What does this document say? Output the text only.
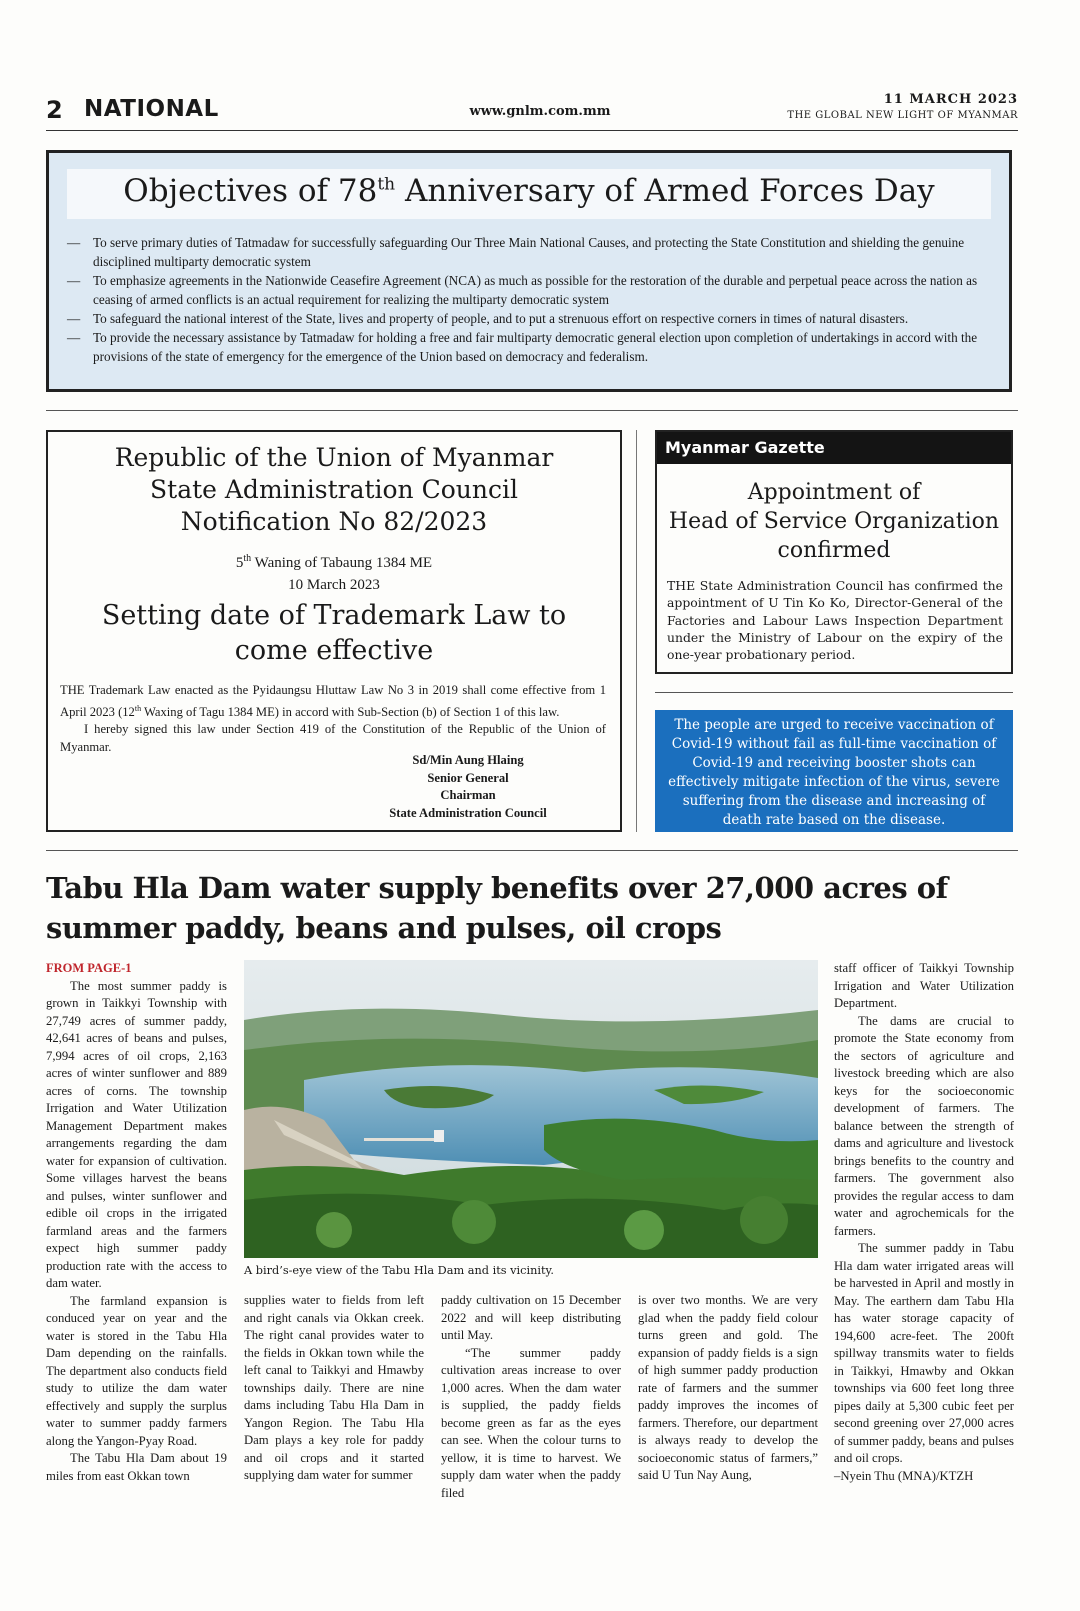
2 NATIONAL	www.gnlm.com.mm
11 MARCH 2023
THE GLOBAL NEW LIGHT OF MYANMAR
Objectives of 78th Anniversary of Armed Forces Day
— To serve primary duties of Tatmadaw for successfully safeguarding Our Three Main National Causes, and protecting the State Constitution and shielding the genuine disciplined multiparty democratic system
— To emphasize agreements in the Nationwide Ceasefire Agreement (NCA) as much as possible for the restoration of the durable and perpetual peace across the nation as ceasing of armed conflicts is an actual requirement for realizing the multiparty democratic system
— To safeguard the national interest of the State, lives and property of people, and to put a strenuous effort on respective corners in times of natural disasters.
— To provide the necessary assistance by Tatmadaw for holding a free and fair multiparty democratic general election upon completion of undertakings in accord with the provisions of the state of emergency for the emergence of the Union based on democracy and federalism.
Republic of the Union of Myanmar
State Administration Council
Notification No 82/2023
5th Waning of Tabaung 1384 ME
10 March 2023
Setting date of Trademark Law to
come effective
THE Trademark Law enacted as the Pyidaungsu Hluttaw Law No 3 in 2019 shall come effective from 1 April 2023 (12th Waxing of Tagu 1384 ME) in accord with Sub-Section (b) of Section 1 of this law.
I hereby signed this law under Section 419 of the Constitution of the Republic of the Union of Myanmar.
Sd/Min Aung Hlaing
Senior General
Chairman
State Administration Council
Myanmar Gazette
Appointment of
Head of Service Organization
confirmed
THE State Administration Council has confirmed the appointment of U Tin Ko Ko, Director-General of the Factories and Labour Laws Inspection Department under the Ministry of Labour on the expiry of the one-year probationary period.
The people are urged to receive vaccination of Covid-19 without fail as full-time vaccination of Covid-19 and receiving booster shots can effectively mitigate infection of the virus, severe suffering from the disease and increasing of death rate based on the disease.
Tabu Hla Dam water supply benefits over 27,000 acres of summer paddy, beans and pulses, oil crops
FROM PAGE-1

The most summer paddy is grown in Taikkyi Township with 27,749 acres of summer paddy, 42,641 acres of beans and pulses, 7,994 acres of oil crops, 2,163 acres of winter sunflower and 889 acres of corns. The township Irrigation and Water Utilization Management Department makes arrangements regarding the dam water for expansion of cultivation. Some villages harvest the beans and pulses, winter sunflower and edible oil crops in the irrigated farmland areas and the farmers expect high summer paddy production rate with the access to dam water.

The farmland expansion is conduced year on year and the water is stored in the Tabu Hla Dam depending on the rainfalls. The department also conducts field study to utilize the dam water effectively and supply the surplus water to summer paddy farmers along the Yangon-Pyay Road.

The Tabu Hla Dam about 19 miles from east Okkan town

A bird’s-eye view of the Tabu Hla Dam and its vicinity.

supplies water to fields from left and right canals via Okkan creek. The right canal provides water to the fields in Okkan town while the left canal to Taikkyi and Hmawby townships daily. There are nine dams including Tabu Hla Dam in Yangon Region. The Tabu Hla Dam plays a key role for paddy and oil crops and it started supplying dam water for summer

paddy cultivation on 15 December 2022 and will keep distributing until May.

“The summer paddy cultivation areas increase to over 1,000 acres. When the dam water is supplied, the paddy fields become green as far as the eyes can see. When the colour turns to yellow, it is time to harvest. We supply dam water when the paddy filed

is over two months. We are very glad when the paddy field colour turns green and gold. The expansion of paddy fields is a sign of high summer paddy production rate of farmers and the summer paddy improves the incomes of farmers. Therefore, our department is always ready to develop the socioeconomic status of farmers,” said U Tun Nay Aung,

staff officer of Taikkyi Township Irrigation and Water Utilization Department.

The dams are crucial to promote the State economy from the sectors of agriculture and livestock breeding which are also keys for the socioeconomic development of farmers. The balance between the strength of dams and agriculture and livestock brings benefits to the country and farmers. The government also provides the regular access to dam water and agrochemicals for the farmers.

The summer paddy in Tabu Hla dam water irrigated areas will be harvested in April and mostly in May. The earthern dam Tabu Hla has water storage capacity of 194,600 acre-feet. The 200ft spillway transmits water to fields in Taikkyi, Hmawby and Okkan townships via 600 feet long three pipes daily at 5,300 cubic feet per second greening over 27,000 acres of summer paddy, beans and pulses and oil crops.

–Nyein Thu (MNA)/KTZH
